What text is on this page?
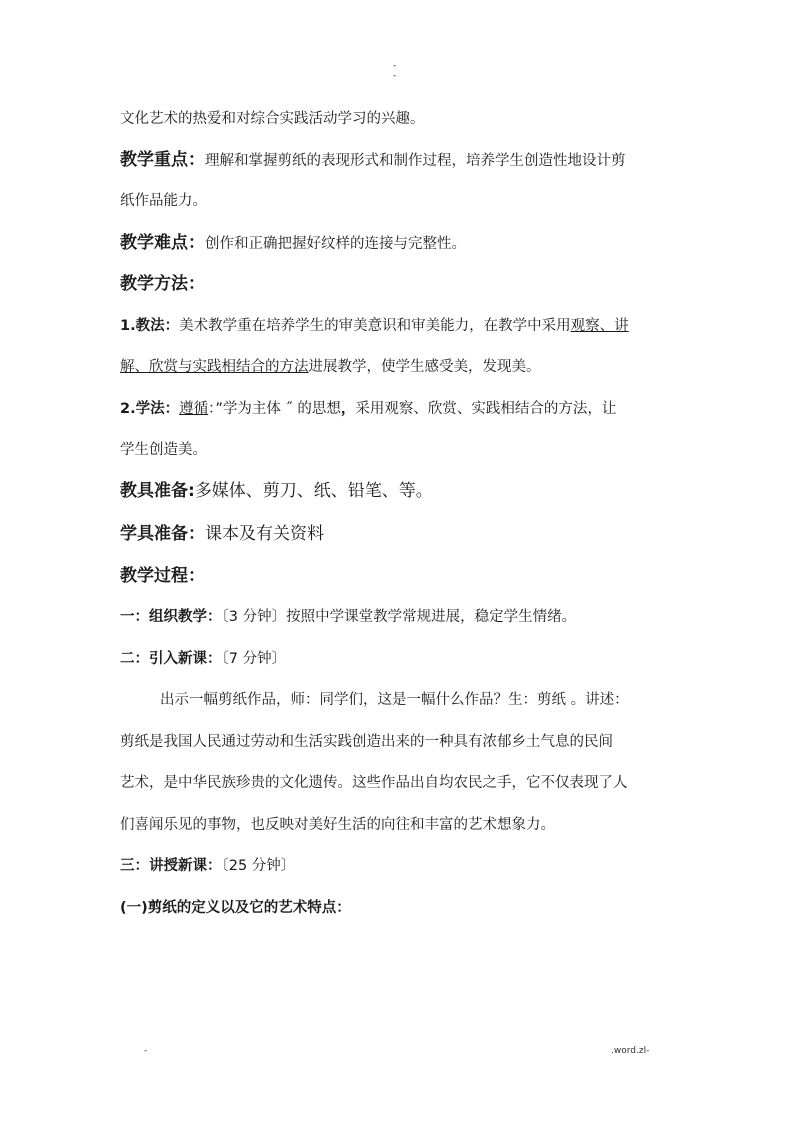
-
-
文化艺术的热爱和对综合实践活动学习的兴趣。
教学重点：理解和掌握剪纸的表现形式和制作过程，培养学生创造性地设计剪
纸作品能力。
教学难点：创作和正确把握好纹样的连接与完整性。
教学方法：
1.教法：美术教学重在培养学生的审美意识和审美能力，在教学中采用观察、讲
解、欣赏与实践相结合的方法进展教学，使学生感受美，发现美。
2.学法：遵循：”学为主体 ˝ 的思想，采用观察、欣赏、实践相结合的方法，让
学生创造美。
教具准备:多媒体、剪刀、纸、铅笔、等。
学具准备：课本及有关资料
教学过程：
一：组织教学：〔3 分钟〕按照中学课堂教学常规进展，稳定学生情绪。
二：引入新课：〔7 分钟〕
出示一幅剪纸作品，师：同学们，这是一幅什么作品？生：剪纸 。讲述：
剪纸是我国人民通过劳动和生活实践创造出来的一种具有浓郁乡土气息的民间
艺术，是中华民族珍贵的文化遗传。这些作品出自均农民之手，它不仅表现了人
们喜闻乐见的事物，也反映对美好生活的向往和丰富的艺术想象力。
三：讲授新课：〔25 分钟〕
(一)剪纸的定义以及它的艺术特点：
-	.word.zl-
